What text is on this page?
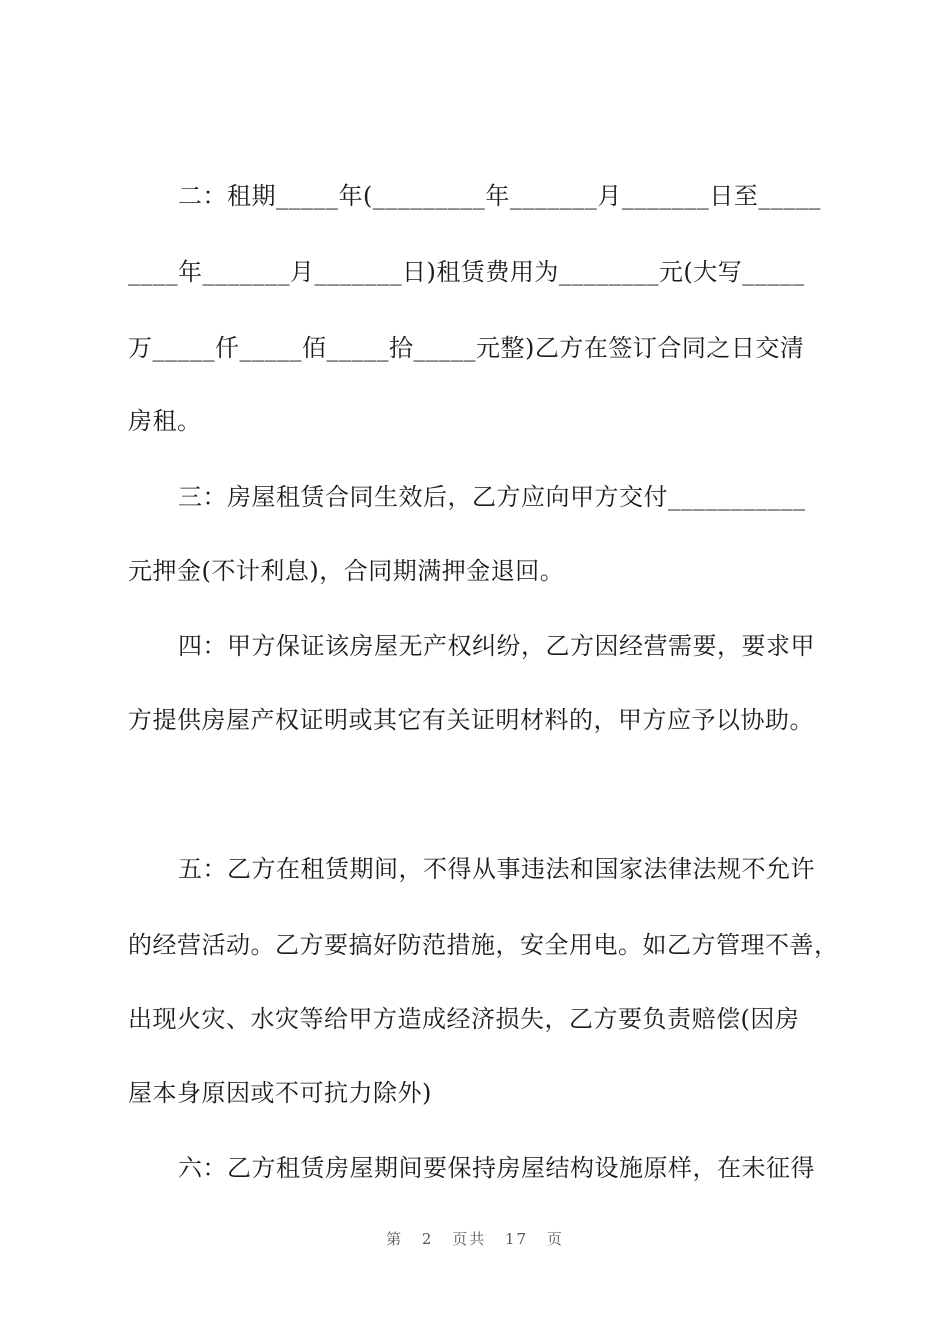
二：租期_____年(_________年_______月_______日至_____
____年_______月_______日)租赁费用为________元(大写_____
万_____仟_____佰_____拾_____元整)乙方在签订合同之日交清
房租。
三：房屋租赁合同生效后，乙方应向甲方交付___________
元押金(不计利息)，合同期满押金退回。
四：甲方保证该房屋无产权纠纷，乙方因经营需要，要求甲
方提供房屋产权证明或其它有关证明材料的，甲方应予以协助。
五：乙方在租赁期间，不得从事违法和国家法律法规不允许
的经营活动。乙方要搞好防范措施，安全用电。如乙方管理不善，
出现火灾、水灾等给甲方造成经济损失，乙方要负责赔偿(因房
屋本身原因或不可抗力除外)
六：乙方租赁房屋期间要保持房屋结构设施原样，在未征得
第 2 页共 17 页
